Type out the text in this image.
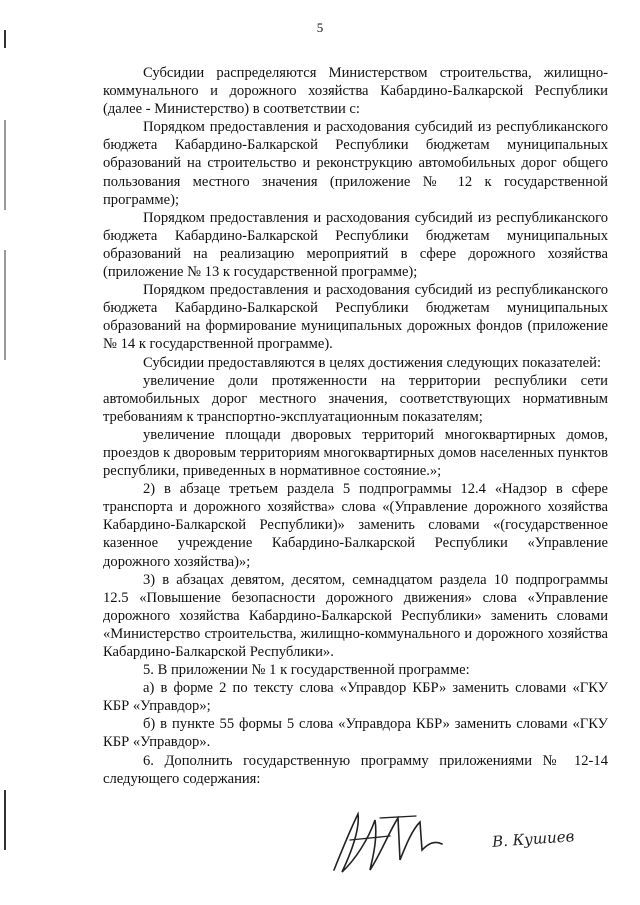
5

Субсидии распределяются Министерством строительства, жилищно-коммунального и дорожного хозяйства Кабардино-Балкарской Республики (далее - Министерство) в соответствии с:

Порядком предоставления и расходования субсидий из республиканского бюджета Кабардино-Балкарской Республики бюджетам муниципальных образований на строительство и реконструкцию автомобильных дорог общего пользования местного значения (приложение № 12 к государственной программе);

Порядком предоставления и расходования субсидий из республиканского бюджета Кабардино-Балкарской Республики бюджетам муниципальных образований на реализацию мероприятий в сфере дорожного хозяйства (приложение № 13 к государственной программе);

Порядком предоставления и расходования субсидий из республиканского бюджета Кабардино-Балкарской Республики бюджетам муниципальных образований на формирование муниципальных дорожных фондов (приложение № 14 к государственной программе).

Субсидии предоставляются в целях достижения следующих показателей:

увеличение доли протяженности на территории республики сети автомобильных дорог местного значения, соответствующих нормативным требованиям к транспортно-эксплуатационным показателям;

увеличение площади дворовых территорий многоквартирных домов, проездов к дворовым территориям многоквартирных домов населенных пунктов республики, приведенных в нормативное состояние.»;

2) в абзаце третьем раздела 5 подпрограммы 12.4 «Надзор в сфере транспорта и дорожного хозяйства» слова «(Управление дорожного хозяйства Кабардино-Балкарской Республики)» заменить словами «(государственное казенное учреждение Кабардино-Балкарской Республики «Управление дорожного хозяйства)»;

3) в абзацах девятом, десятом, семнадцатом раздела 10 подпрограммы 12.5 «Повышение безопасности дорожного движения» слова «Управление дорожного хозяйства Кабардино-Балкарской Республики» заменить словами «Министерство строительства, жилищно-коммунального и дорожного хозяйства Кабардино-Балкарской Республики».

5. В приложении № 1 к государственной программе:

а) в форме 2 по тексту слова «Управдор КБР» заменить словами «ГКУ КБР «Управдор»;

б) в пункте 55 формы 5 слова «Управдора КБР» заменить словами «ГКУ КБР «Управдор».

6. Дополнить государственную программу приложениями № 12-14 следующего содержания:

В. Кушиев
